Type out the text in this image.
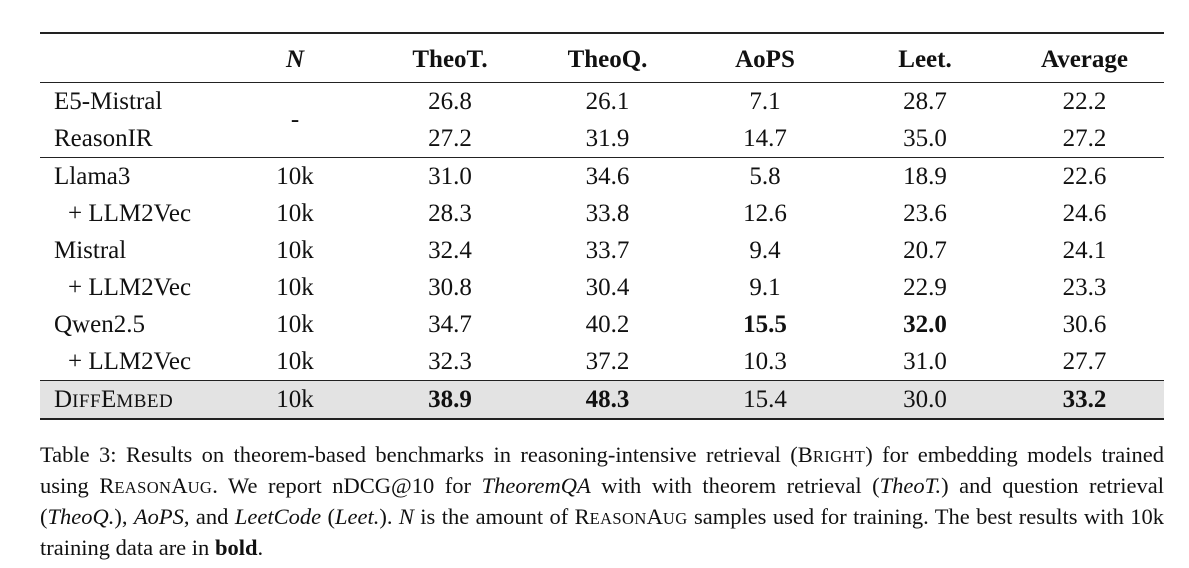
	N	TheoT.	TheoQ.	AoPS	Leet.	Average
E5-Mistral	-	26.8	26.1	7.1	28.7	22.2
ReasonIR		27.2	31.9	14.7	35.0	27.2
Llama3	10k	31.0	34.6	5.8	18.9	22.6
+ LLM2Vec	10k	28.3	33.8	12.6	23.6	24.6
Mistral	10k	32.4	33.7	9.4	20.7	24.1
+ LLM2Vec	10k	30.8	30.4	9.1	22.9	23.3
Qwen2.5	10k	34.7	40.2	15.5	32.0	30.6
+ LLM2Vec	10k	32.3	37.2	10.3	31.0	27.7
DIFFEMBED	10k	38.9	48.3	15.4	30.0	33.2

Table 3: Results on theorem-based benchmarks in reasoning-intensive retrieval (BRIGHT) for embedding models trained using REASONAUG. We report nDCG@10 for TheoremQA with with theorem retrieval (TheoT.) and question retrieval (TheoQ.), AoPS, and LeetCode (Leet.). N is the amount of REASONAUG samples used for training. The best results with 10k training data are in bold.
